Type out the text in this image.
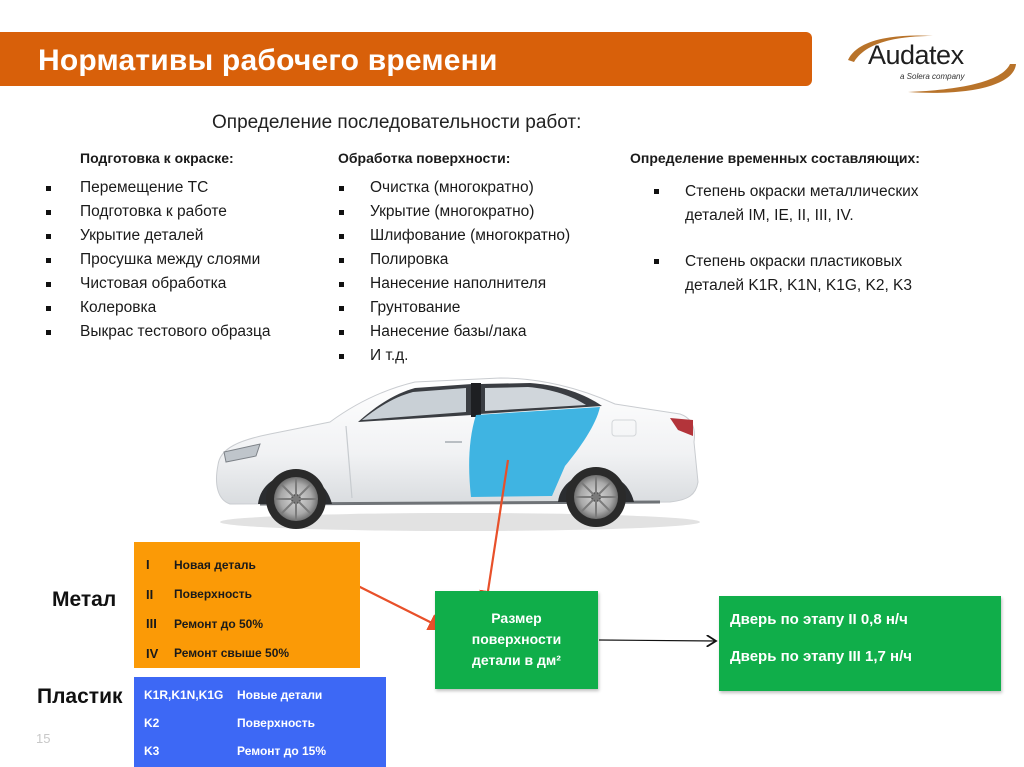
Нормативы рабочего времени	Audatex
a Solera company
Определение последовательности работ:
Подготовка к окраске:
Перемещение ТС
Подготовка к работе
Укрытие деталей
Просушка между слоями
Чистовая обработка
Колеровка
Выкрас тестового образца
Обработка поверхности:
Очистка (многократно)
Укрытие (многократно)
Шлифование (многократно)
Полировка
Нанесение наполнителя
Грунтование
Нанесение базы/лака
И т.д.
Определение временных составляющих:
Степень окраски металлических деталей IM, IE, II, III, IV.
Степень окраски пластиковых деталей K1R, K1N, K1G, K2, K3
Метал
I	Новая деталь
II	Поверхность
III	Ремонт до 50%
IV	Ремонт свыше 50%
Пластик K1R,K1N,K1G	Новые детали
K2	Поверхность
K3	Ремонт до 15%
15
Размер
поверхности
детали в дм²
Дверь по этапу II 0,8 н/ч
Дверь по этапу III 1,7 н/ч
